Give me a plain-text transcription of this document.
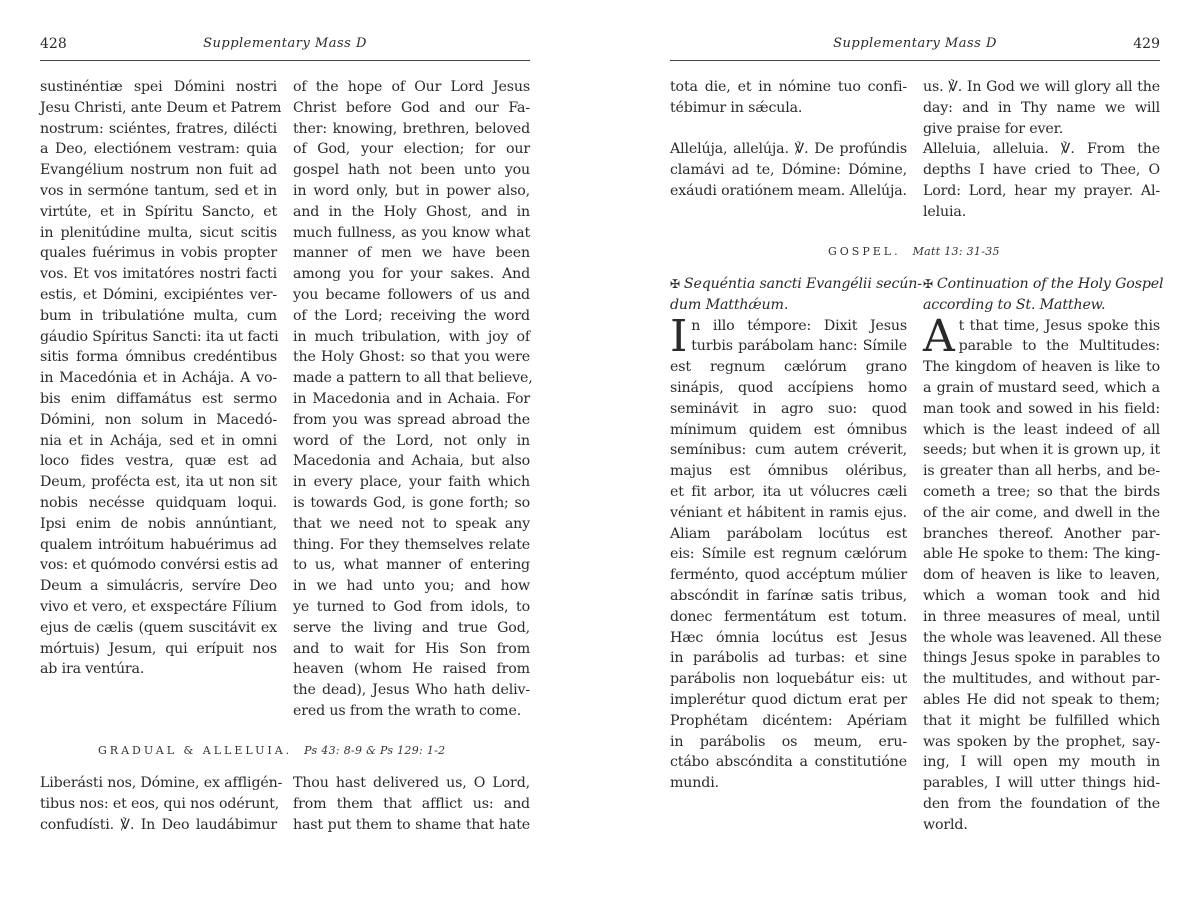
428	Supplementary Mass D
sustinéntiæ spei Dómini nostri
Jesu Christi, ante Deum et Patrem
nostrum: sciéntes, fratres, dilécti
a Deo, electiónem vestram: quia
Evangélium nostrum non fuit ad
vos in sermóne tantum, sed et in
virtúte, et in Spíritu Sancto, et
in plenitúdine multa, sicut scitis
quales fuérimus in vobis propter
vos. Et vos imitatóres nostri facti
estis, et Dómini, excipiéntes ver-
bum in tribulatióne multa, cum
gáudio Spíritus Sancti: ita ut facti
sitis forma ómnibus credéntibus
in Macedónia et in Achája. A vo-
bis enim diffamátus est sermo
Dómini, non solum in Macedó-
nia et in Achája, sed et in omni
loco fides vestra, quæ est ad
Deum, profécta est, ita ut non sit
nobis necésse quidquam loqui.
Ipsi enim de nobis annúntiant,
qualem intróitum habuérimus ad
vos: et quómodo convérsi estis ad
Deum a simulácris, servíre Deo
vivo et vero, et exspectáre Fílium
ejus de cælis (quem suscitávit ex
mórtuis) Jesum, qui erípuit nos
ab ira ventúra.
of the hope of Our Lord Jesus
Christ before God and our Fa-
ther: knowing, brethren, beloved
of God, your election; for our
gospel hath not been unto you
in word only, but in power also,
and in the Holy Ghost, and in
much fullness, as you know what
manner of men we have been
among you for your sakes. And
you became followers of us and
of the Lord; receiving the word
in much tribulation, with joy of
the Holy Ghost: so that you were
made a pattern to all that believe,
in Macedonia and in Achaia. For
from you was spread abroad the
word of the Lord, not only in
Macedonia and Achaia, but also
in every place, your faith which
is towards God, is gone forth; so
that we need not to speak any
thing. For they themselves relate
to us, what manner of entering
in we had unto you; and how
ye turned to God from idols, to
serve the living and true God,
and to wait for His Son from
heaven (whom He raised from
the dead), Jesus Who hath deliv-
ered us from the wrath to come.
GRADUAL & ALLELUIA. Ps 43: 8-9 & Ps 129: 1-2
Liberásti nos, Dómine, ex affligén-
tibus nos: et eos, qui nos odérunt,
confudísti. ℣. In Deo laudábimur
Thou hast delivered us, O Lord,
from them that afflict us: and
hast put them to shame that hate
Supplementary Mass D	429
tota die, et in nómine tuo confi-
tébimur in sǽcula.
Allelúja, allelúja. ℣. De profúndis
clamávi ad te, Dómine: Dómine,
exáudi oratiónem meam. Allelúja.
us. ℣. In God we will glory all the
day: and in Thy name we will
give praise for ever.
Alleluia, alleluia. ℣. From the
depths I have cried to Thee, O
Lord: Lord, hear my prayer. Al-
leluia.
GOSPEL. Matt 13: 31-35
✠ Sequéntia sancti Evangélii secún-
dum Matthǽum.
I n illo témpore: Dixit Jesus
turbis parábolam hanc: Símile
est regnum cælórum grano
sinápis, quod accípiens homo
seminávit in agro suo: quod
mínimum quidem est ómnibus
semínibus: cum autem créverit,
majus est ómnibus oléribus,
et fit arbor, ita ut vólucres cæli
véniant et hábitent in ramis ejus.
Aliam parábolam locútus est
eis: Símile est regnum cælórum
ferménto, quod accéptum múlier
abscóndit in farínæ satis tribus,
donec fermentátum est totum.
Hæc ómnia locútus est Jesus
in parábolis ad turbas: et sine
parábolis non loquebátur eis: ut
implerétur quod dictum erat per
Prophétam dicéntem: Apériam
in parábolis os meum, eru-
ctábo abscóndita a constitutióne
mundi.
✠ Continuation of the Holy Gospel
according to St. Matthew.
A t that time, Jesus spoke this
parable to the Multitudes:
The kingdom of heaven is like to
a grain of mustard seed, which a
man took and sowed in his field:
which is the least indeed of all
seeds; but when it is grown up, it
is greater than all herbs, and be-
cometh a tree; so that the birds
of the air come, and dwell in the
branches thereof. Another par-
able He spoke to them: The king-
dom of heaven is like to leaven,
which a woman took and hid
in three measures of meal, until
the whole was leavened. All these
things Jesus spoke in parables to
the multitudes, and without par-
ables He did not speak to them;
that it might be fulfilled which
was spoken by the prophet, say-
ing, I will open my mouth in
parables, I will utter things hid-
den from the foundation of the
world.
